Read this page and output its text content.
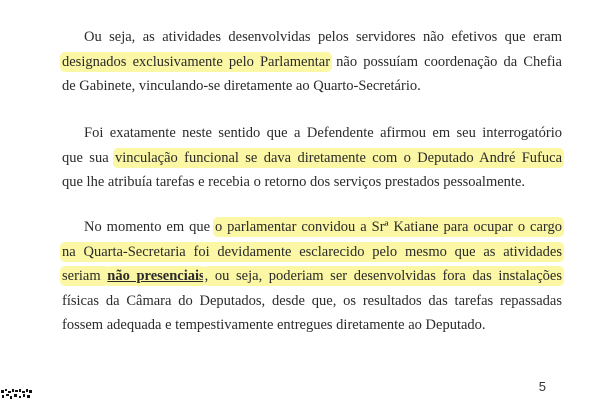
Ou seja, as atividades desenvolvidas pelos servidores não efetivos que eram
designados exclusivamente pelo Parlamentar não possuíam coordenação da Chefia
de Gabinete, vinculando-se diretamente ao Quarto-Secretário.

Foi exatamente neste sentido que a Defendente afirmou em seu interrogatório
que sua vinculação funcional se dava diretamente com o Deputado André Fufuca
que lhe atribuía tarefas e recebia o retorno dos serviços prestados pessoalmente.

No momento em que o parlamentar convidou a Srª Katiane para ocupar o cargo
na Quarta-Secretaria foi devidamente esclarecido pelo mesmo que as atividades
seriam não presenciais, ou seja, poderiam ser desenvolvidas fora das instalações
físicas da Câmara do Deputados, desde que, os resultados das tarefas repassadas
fossem adequada e tempestivamente entregues diretamente ao Deputado.

5
